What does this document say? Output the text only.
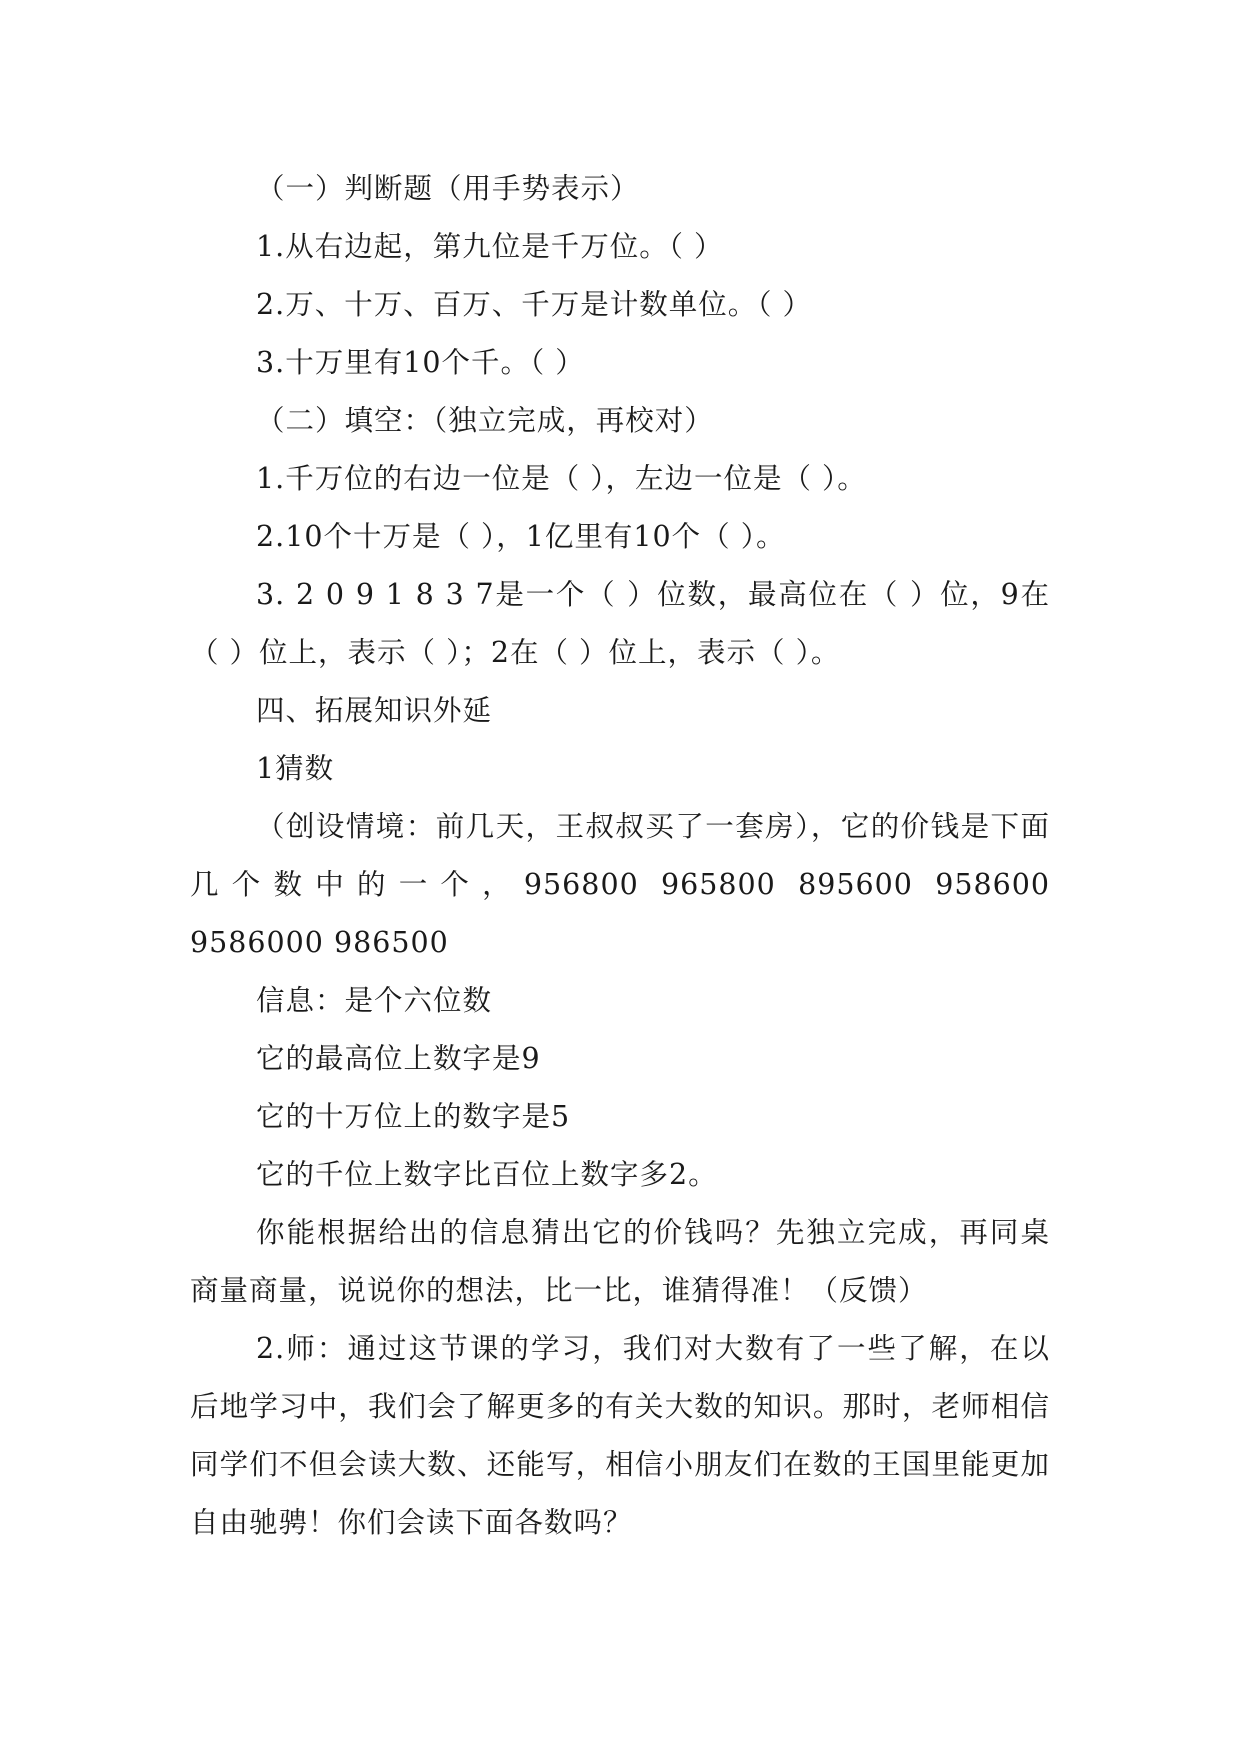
（一）判断题（用手势表示）

1.从右边起，第九位是千万位。（ ）

2.万、十万、百万、千万是计数单位。（ ）

3.十万里有10个千。（ ）

（二）填空：（独立完成，再校对）

1.千万位的右边一位是（ ），左边一位是（ ）。

2.10个十万是（ ），1亿里有10个（ ）。

3. 2 0 9 1 8 3 7是一个（ ）位数，最高位在（ ）位，9在（ ）位上，表示（ ）；2在（ ）位上，表示（ ）。

四、拓展知识外延

1猜数

（创设情境：前几天，王叔叔买了一套房），它的价钱是下面几个数中的一个，956800 965800 895600 958600 9586000 986500

信息：是个六位数

它的最高位上数字是9

它的十万位上的数字是5

它的千位上数字比百位上数字多2。

你能根据给出的信息猜出它的价钱吗？先独立完成，再同桌商量商量，说说你的想法，比一比，谁猜得准！（反馈）

2.师：通过这节课的学习，我们对大数有了一些了解，在以后地学习中，我们会了解更多的有关大数的知识。那时，老师相信同学们不但会读大数、还能写，相信小朋友们在数的王国里能更加自由驰骋！你们会读下面各数吗？
